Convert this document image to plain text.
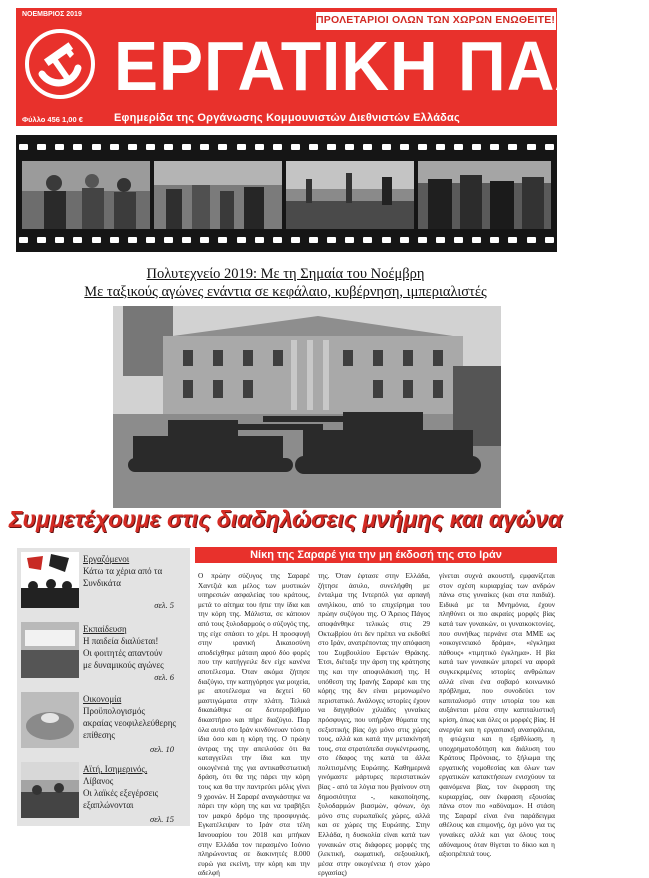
ΝΟΕΜΒΡΙΟΣ 2019	ΠΡΟΛΕΤΑΡΙΟΙ ΟΛΩΝ ΤΩΝ ΧΩΡΩΝ ΕΝΩΘΕΙΤΕ!
ΕΡΓΑΤΙΚΗ ΠΑΛΗ
Φύλλο 456 1,00 €	Εφημερίδα της Οργάνωσης Κομμουνιστών Διεθνιστών Ελλάδας
Πολυτεχνείο 2019: Με τη Σημαία του Νοέμβρη
Με ταξικούς αγώνες ενάντια σε κεφάλαιο, κυβέρνηση, ιμπεριαλιστές
Συμμετέχουμε στις διαδηλώσεις μνήμης και αγώνα
Εργαζόμενοι
Κάτω τα χέρια από τα
Συνδικάτα
σελ. 5
Εκπαίδευση
Η παιδεία διαλύεται!
Οι φοιτητές απαντούν
με δυναμικούς αγώνες
σελ. 6
Οικονομία
Προϋπολογισμός
ακραίας νεοφιλελεύθερης
επίθεσης
σελ. 10
Αϊτή, Ισημερινός,
Λίβανος
Οι λαϊκές εξεγέρσεις
εξαπλώνονται
σελ. 15
Νίκη της Σαραρέ για την μη έκδοσή της στο Ιράν

Ο πρώην σύζυγος της Σαραρέ Χαντζιά και μέλος των μυστικών υπηρεσιών ασφαλείας του κράτους, μετά το αίτημα του ήπιε την ίδια και την κόρη της. Μάλιστα, σε κάποιον από τους ξυλοδαρμούς ο σύζυγός της, της είχε σπάσει το χέρι. Η προσφυγή στην ιρανική Δικαιοσύνη αποδείχθηκε μάταιη αφού δύο φορές που την κατήγγειλε δεν είχε κανένα αποτέλεσμα. Όταν ακόμα ζήτησε διαζύγιο, την κατηγόρησε για μοιχεία, με αποτέλεσμα να δεχτεί 60 μαστιγώματα στην πλάτη. Τελικά δικαιώθηκε σε δευτεροβάθμιο δικαστήριο και πήρε διαζύγιο. Παρ όλα αυτά στο Ιράν κινδύνευαν τόσο η ίδια όσο και η κόρη της. Ο πρώην άντρας της την απειλούσε ότι θα καταγγείλει την ίδια και την οικογένειά της για αντικαθεστωτική δράση, ότι θα της πάρει την κόρη τους και θα την παντρεύει μόλις γίνει 9 χρονών. Η Σαραρέ αναγκάστηκε να πάρει την κόρη της και να τραβήξει τον μακρύ δρόμο της προσφυγιάς. Εγκατέλειψαν το Ιράν στα τέλη Ιανουαρίου του 2018 και μπήκαν στην Ελλάδα τον περασμένο Ιούνιο πληρώνοντας σε διακινητές 8.000 ευρώ για εκείνη, την κόρη και την αδελφή

της. Όταν έφτασε στην Ελλάδα, ζήτησε άσυλο, συνελήφθη με ένταλμα της Ιντερπόλ για αρπαγή ανηλίκου, από το επιχείρημα του πρώην συζύγου της. Ο Άρειος Πάγος αποφάνθηκε τελικώς στις 29 Οκτωβρίου ότι δεν πρέπει να εκδοθεί στο Ιράν, ανατρέποντας την απόφαση του Συμβουλίου Εφετών Θράκης. Έτσι, διέταξε την άρση της κράτησης της και την αποφυλάκισή της. Η υπόθεση της Ιρανής Σαραρέ και της κόρης της δεν είναι μεμονωμένο περιστατικό. Ανάλογες ιστορίες έχουν να διηγηθούν χιλιάδες γυναίκες πρόσφυγες, που υπήρξαν θύματα της σεξιστικής βίας όχι μόνο στις χώρες τους, αλλά και κατά την μετακίνησή τους, στα στρατόπεδα συγκέντρωσης, στο έδαφος της κατά τα άλλα πολιτισμένης Ευρώπης. Καθημερινά γινόμαστε μάρτυρες περιστατικών βίας - από τα λόγια που βγαίνουν στη δημοσιότητα -, κακοποίησης, ξυλοδαρμών βιασμών, φόνων, όχι μόνο στις ευρωπαϊκές χώρες, αλλά και σε χώρες της Ευρώπης. Στην Ελλάδα, η δυσκολία είναι κατά των γυναικών στις διάφορες μορφές της (λεκτική, σωματική, σεξουαλική, μέσα στην οικογένεια ή στον χώρο εργασίας)

γίνεται συχνά ακουστή, εμφανίζεται στον σχέση κυριαρχίας των ανδρών πάνω στις γυναίκες (και στα παιδιά). Ειδικά με τα Μνημόνια, έχουν πληθύνει οι πιο ακραίες μορφές βίας κατά των γυναικών, οι γυναικοκτονίες, που συνήθως περνάνε στα ΜΜΕ ως «οικογενειακό δράμα», «έγκλημα πάθους» «τιμητικό έγκλημα». Η βία κατά των γυναικών μπορεί να αφορά συγκεκριμένες ιστορίες ανθρώπων αλλά είναι ένα σοβαρό κοινωνικό πρόβλημα, που συνοδεύει τον καπιταλισμό στην ιστορία του και αυξάνεται μέσα στην καπιταλιστική κρίση, όπως και όλες οι μορφές βίας. Η ανεργία και η εργασιακή ανασφάλεια, η φτώχεια και η εξαθλίωση, η υποχρηματοδότηση και διάλυση του Κράτους Πρόνοιας, το ξήλωμα της εργατικής νομοθεσίας και όλων των εργατικών κατακτήσεων ενισχύουν τα φαινόμενα βίας, τον έκφραση της κυριαρχίας, σαν έκφραση εξουσίας πάνω στον πιο «αδύναμο». Η στάση της Σαραρέ είναι ένα παράδειγμα αθέλους και επιμονής, όχι μόνο για τις γυναίκες αλλά και για όλους τους αδύναμους όταν θίγεται το δίκιο και η αξιοπρέπειά τους.
